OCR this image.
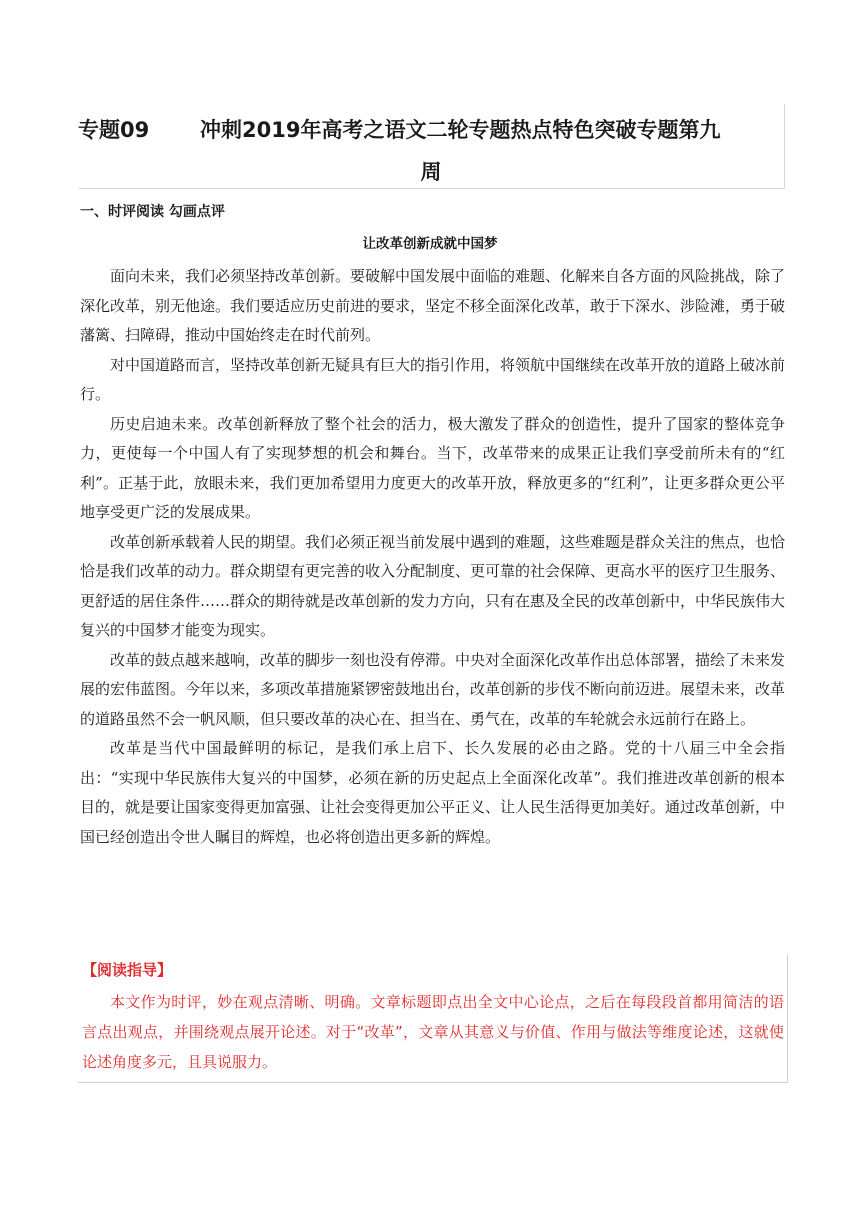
专题09 冲刺2019年高考之语文二轮专题热点特色突破专题第九
周
一、时评阅读 勾画点评
让改革创新成就中国梦

面向未来，我们必须坚持改革创新。要破解中国发展中面临的难题、化解来自各方面的风险挑战，除了深化改革，别无他途。我们要适应历史前进的要求，坚定不移全面深化改革，敢于下深水、涉险滩，勇于破藩篱、扫障碍，推动中国始终走在时代前列。

对中国道路而言，坚持改革创新无疑具有巨大的指引作用，将领航中国继续在改革开放的道路上破冰前行。

历史启迪未来。改革创新释放了整个社会的活力，极大激发了群众的创造性，提升了国家的整体竞争力，更使每一个中国人有了实现梦想的机会和舞台。当下，改革带来的成果正让我们享受前所未有的“红利”。正基于此，放眼未来，我们更加希望用力度更大的改革开放，释放更多的“红利”，让更多群众更公平地享受更广泛的发展成果。

改革创新承载着人民的期望。我们必须正视当前发展中遇到的难题，这些难题是群众关注的焦点，也恰恰是我们改革的动力。群众期望有更完善的收入分配制度、更可靠的社会保障、更高水平的医疗卫生服务、更舒适的居住条件……群众的期待就是改革创新的发力方向，只有在惠及全民的改革创新中，中华民族伟大复兴的中国梦才能变为现实。

改革的鼓点越来越响，改革的脚步一刻也没有停滞。中央对全面深化改革作出总体部署，描绘了未来发展的宏伟蓝图。今年以来，多项改革措施紧锣密鼓地出台，改革创新的步伐不断向前迈进。展望未来，改革的道路虽然不会一帆风顺，但只要改革的决心在、担当在、勇气在，改革的车轮就会永远前行在路上。

改革是当代中国最鲜明的标记，是我们承上启下、长久发展的必由之路。党的十八届三中全会指出：“实现中华民族伟大复兴的中国梦，必须在新的历史起点上全面深化改革”。我们推进改革创新的根本目的，就是要让国家变得更加富强、让社会变得更加公平正义、让人民生活得更加美好。通过改革创新，中国已经创造出令世人瞩目的辉煌，也必将创造出更多新的辉煌。

【阅读指导】
本文作为时评，妙在观点清晰、明确。文章标题即点出全文中心论点，之后在每段段首都用简洁的语言点出观点，并围绕观点展开论述。对于“改革”，文章从其意义与价值、作用与做法等维度论述，这就使论述角度多元，且具说服力。
